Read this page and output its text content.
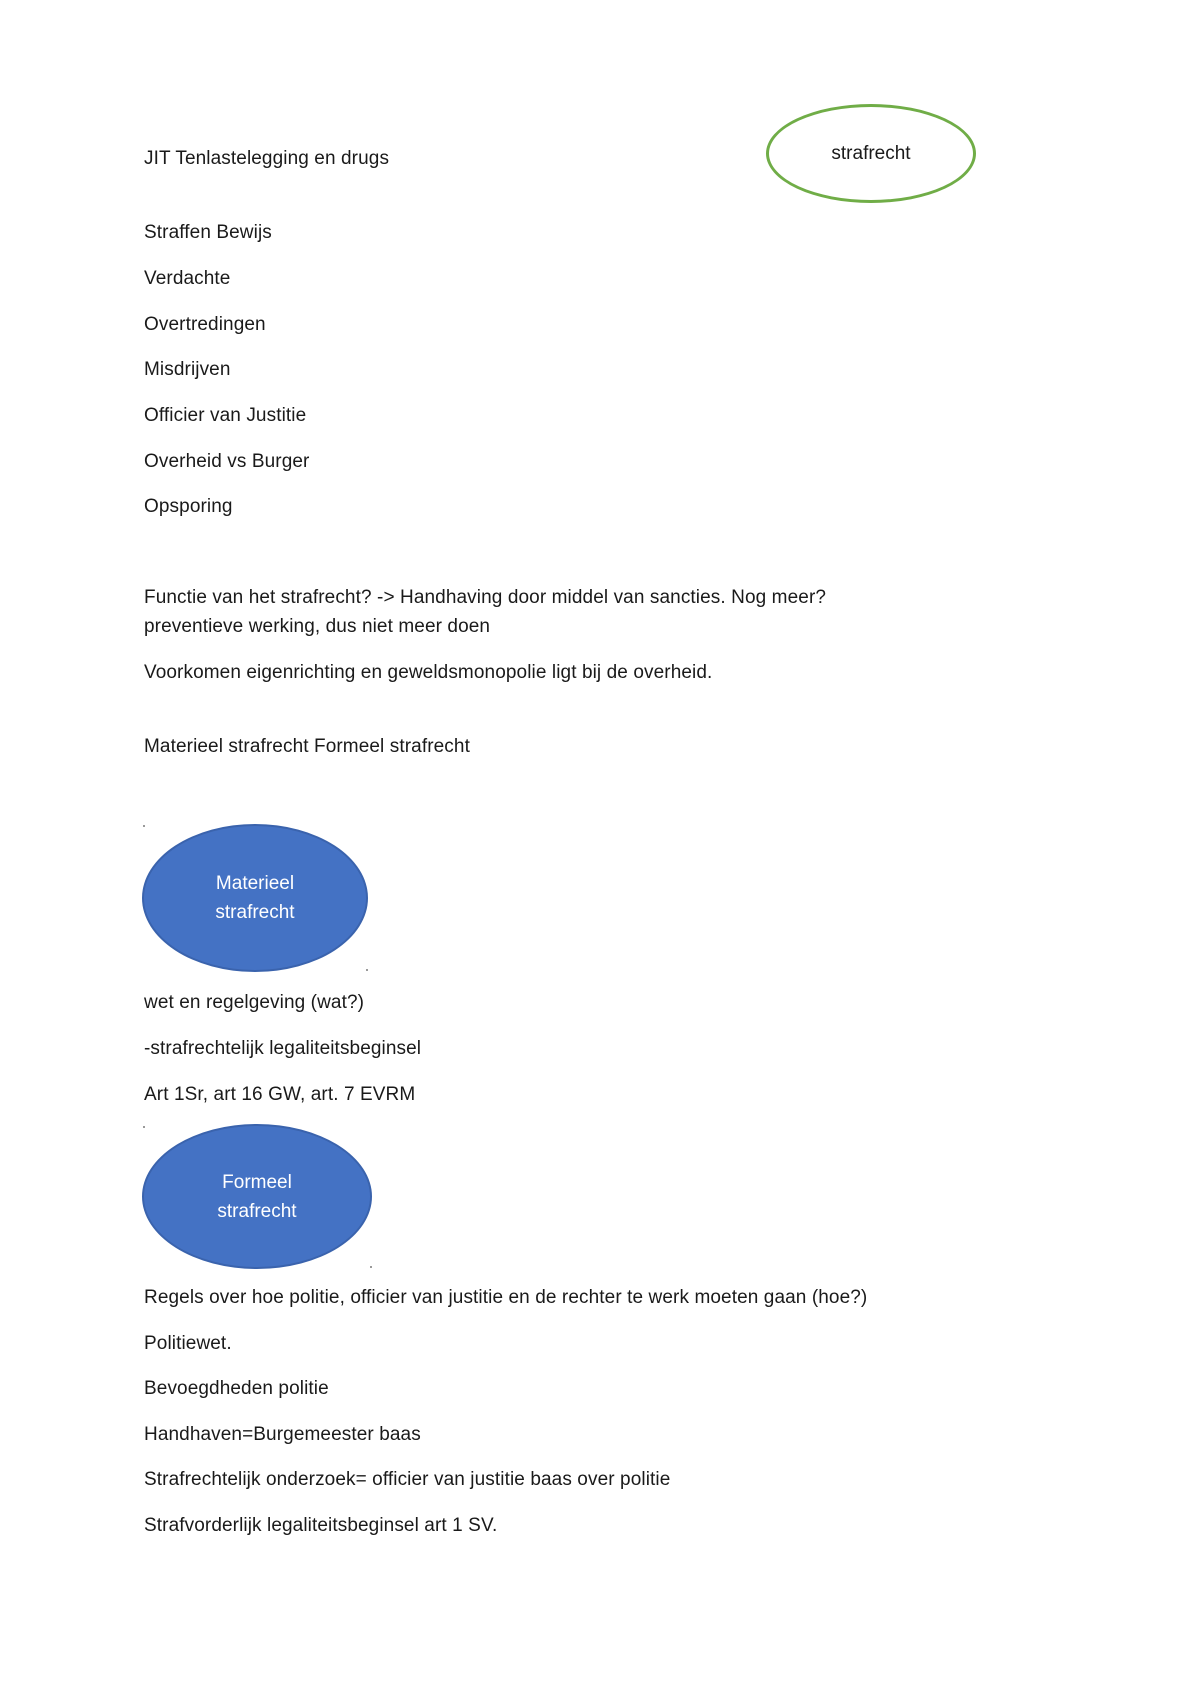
JIT Tenlastelegging en drugs	strafrecht
Straffen Bewijs
Verdachte
Overtredingen
Misdrijven
Officier van Justitie
Overheid vs Burger
Opsporing
Functie van het strafrecht? -> Handhaving door middel van sancties. Nog meer?
preventieve werking, dus niet meer doen
Voorkomen eigenrichting en geweldsmonopolie ligt bij de overheid.
Materieel strafrecht Formeel strafrecht
Materieel
strafrecht
wet en regelgeving (wat?)
-strafrechtelijk legaliteitsbeginsel
Art 1Sr, art 16 GW, art. 7 EVRM
Formeel
strafrecht
Regels over hoe politie, officier van justitie en de rechter te werk moeten gaan (hoe?)
Politiewet.
Bevoegdheden politie
Handhaven=Burgemeester baas
Strafrechtelijk onderzoek= officier van justitie baas over politie
Strafvorderlijk legaliteitsbeginsel art 1 SV.
